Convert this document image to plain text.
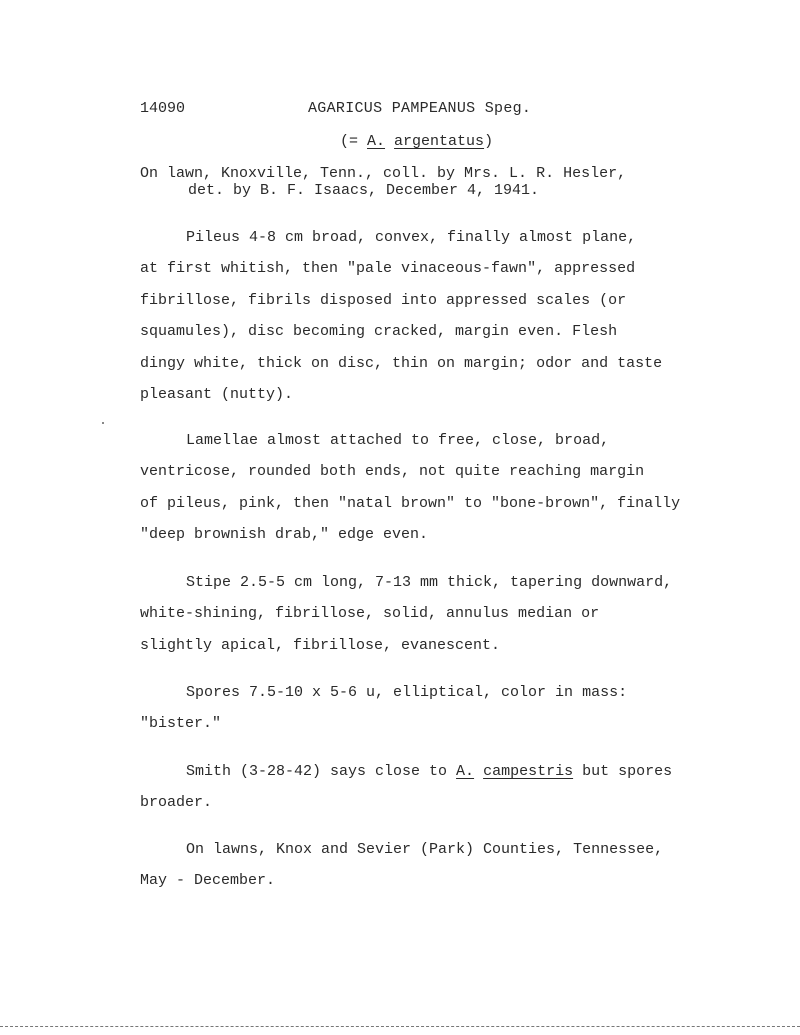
14090	AGARICUS PAMPEANUS Speg.
(= A. argentatus)
On lawn, Knoxville, Tenn., coll. by Mrs. L. R. Hesler,
det. by B. F. Isaacs, December 4, 1941.
Pileus 4-8 cm broad, convex, finally almost plane,
at first whitish, then "pale vinaceous-fawn", appressed
fibrillose, fibrils disposed into appressed scales (or
squamules), disc becoming cracked, margin even. Flesh
dingy white, thick on disc, thin on margin; odor and taste
pleasant (nutty).
Lamellae almost attached to free, close, broad,
ventricose, rounded both ends, not quite reaching margin
of pileus, pink, then "natal brown" to "bone-brown", finally
"deep brownish drab," edge even.
Stipe 2.5-5 cm long, 7-13 mm thick, tapering downward,
white-shining, fibrillose, solid, annulus median or
slightly apical, fibrillose, evanescent.
Spores 7.5-10 x 5-6 u, elliptical, color in mass:
"bister."
Smith (3-28-42) says close to A. campestris but spores
broader.
On lawns, Knox and Sevier (Park) Counties, Tennessee,
May - December.
